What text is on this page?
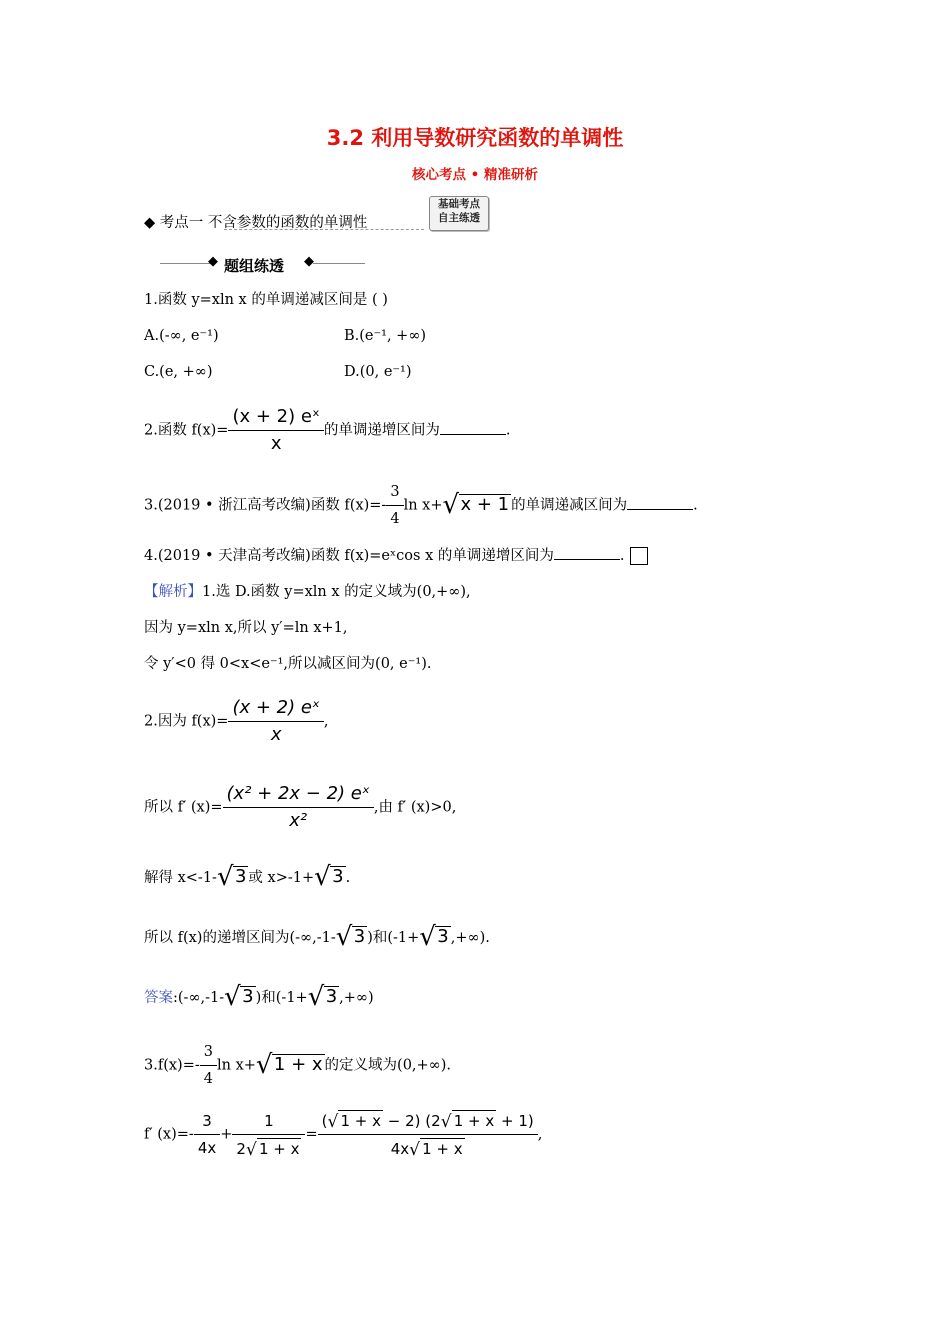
3.2 利用导数研究函数的单调性
核心考点 • 精准研析
◆ 考点一 不含参数的函数的单调性
基础考点
自主练透
◆	◆
题组练透
1.函数 y=xln x 的单调递减区间是 ( )
A.(-∞, e⁻¹)	B.(e⁻¹, +∞)
C.(e, +∞)	D.(0, e⁻¹)
2.函数 $f(x)= \frac{\text{(x + 2) eˣ}}{x}$ 的单调递增区间为	.
3.(2019 • 浙江高考改编)函数 $f(x)=- \frac{3}{4}$ ln x+ √ x + 1 的单调递减区间为	.
4.(2019 • 天津高考改编)函数 f(x)=eˣcos x 的单调递增区间为	.
【解析】1.选 D.函数 y=xln x 的定义域为(0,+∞),
因为 y=xln x,所以 y′=ln x+1,
令 y′<0 得 0<x<e⁻¹,所以减区间为(0, e⁻¹).
2.因为 $f(x)= \frac{\text{(x + 2) eˣ}}{x}$ ,
所以 f′ $(x)= \frac{\text{(x² + 2x − 2) eˣ}}{\text{x²}}$ ,由 f′ (x)>0,
解得 x<-1- √ 3 或 x>-1+ √ 3 .
所以 f(x)的递增区间为(-∞,-1- √ 3 )和(-1+ √ 3 ,+∞).
答案:(-∞,-1- √ 3 )和(-1+ √ 3 ,+∞)
$3.f(x)=- \frac{3}{4}$ ln x+ √ 1 + x 的定义域为(0,+∞).
f′ $(x)=- \frac{3}{4x} + \frac{1}{2 √ 1 + x} = \frac{( √ 1 + x - 2) (2 √ 1 + x + 1)}{4x √ 1 + x}$ ,
